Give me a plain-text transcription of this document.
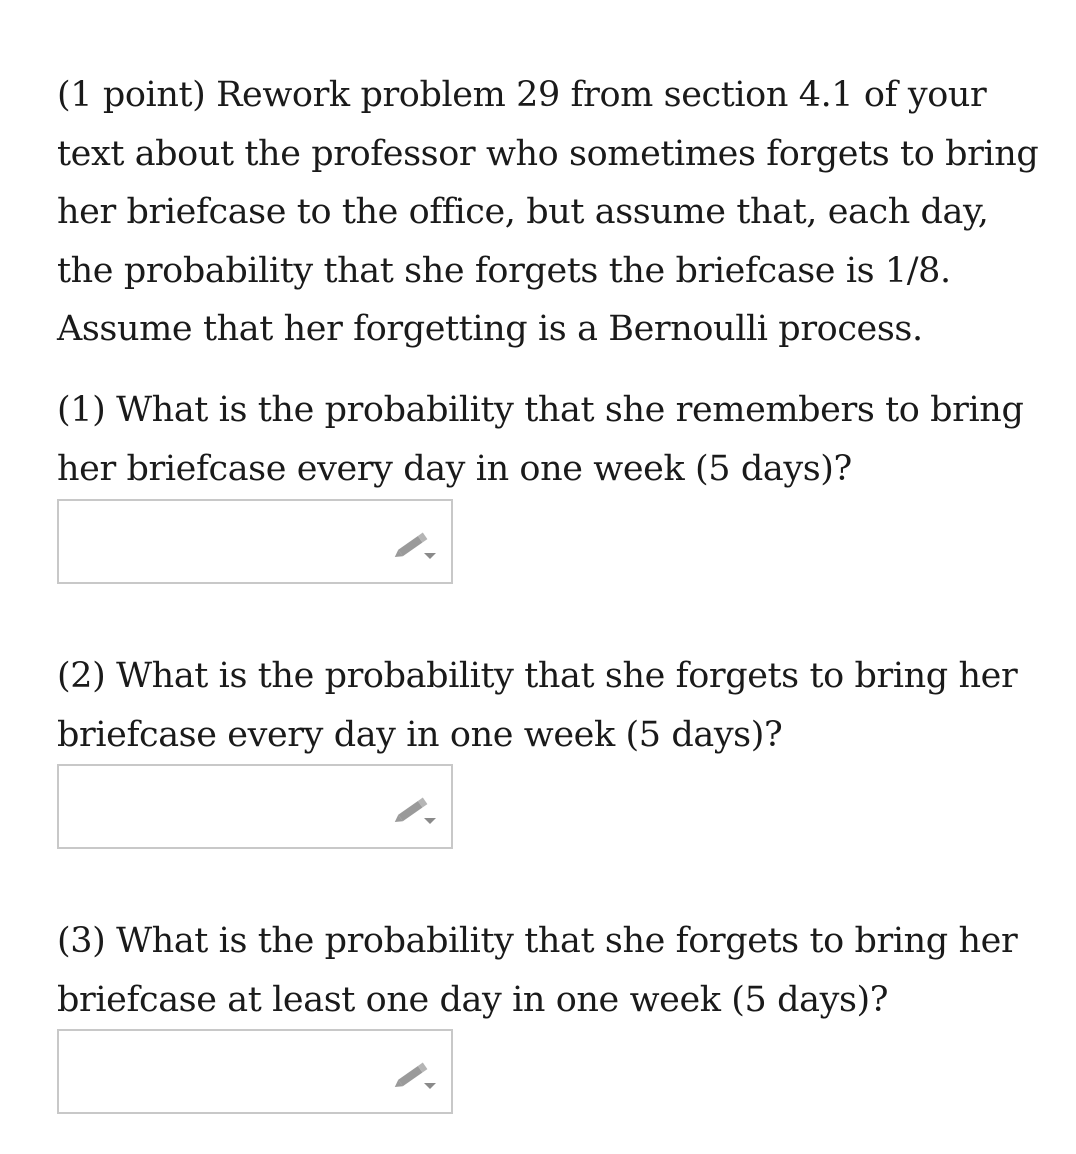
(1 point) Rework problem 29 from section 4.1 of your text about the professor who sometimes forgets to bring her briefcase to the office, but assume that, each day, the probability that she forgets the briefcase is 1/8. Assume that her forgetting is a Bernoulli process.

(1) What is the probability that she remembers to bring her briefcase every day in one week (5 days)?

(2) What is the probability that she forgets to bring her briefcase every day in one week (5 days)?

(3) What is the probability that she forgets to bring her briefcase at least one day in one week (5 days)?
